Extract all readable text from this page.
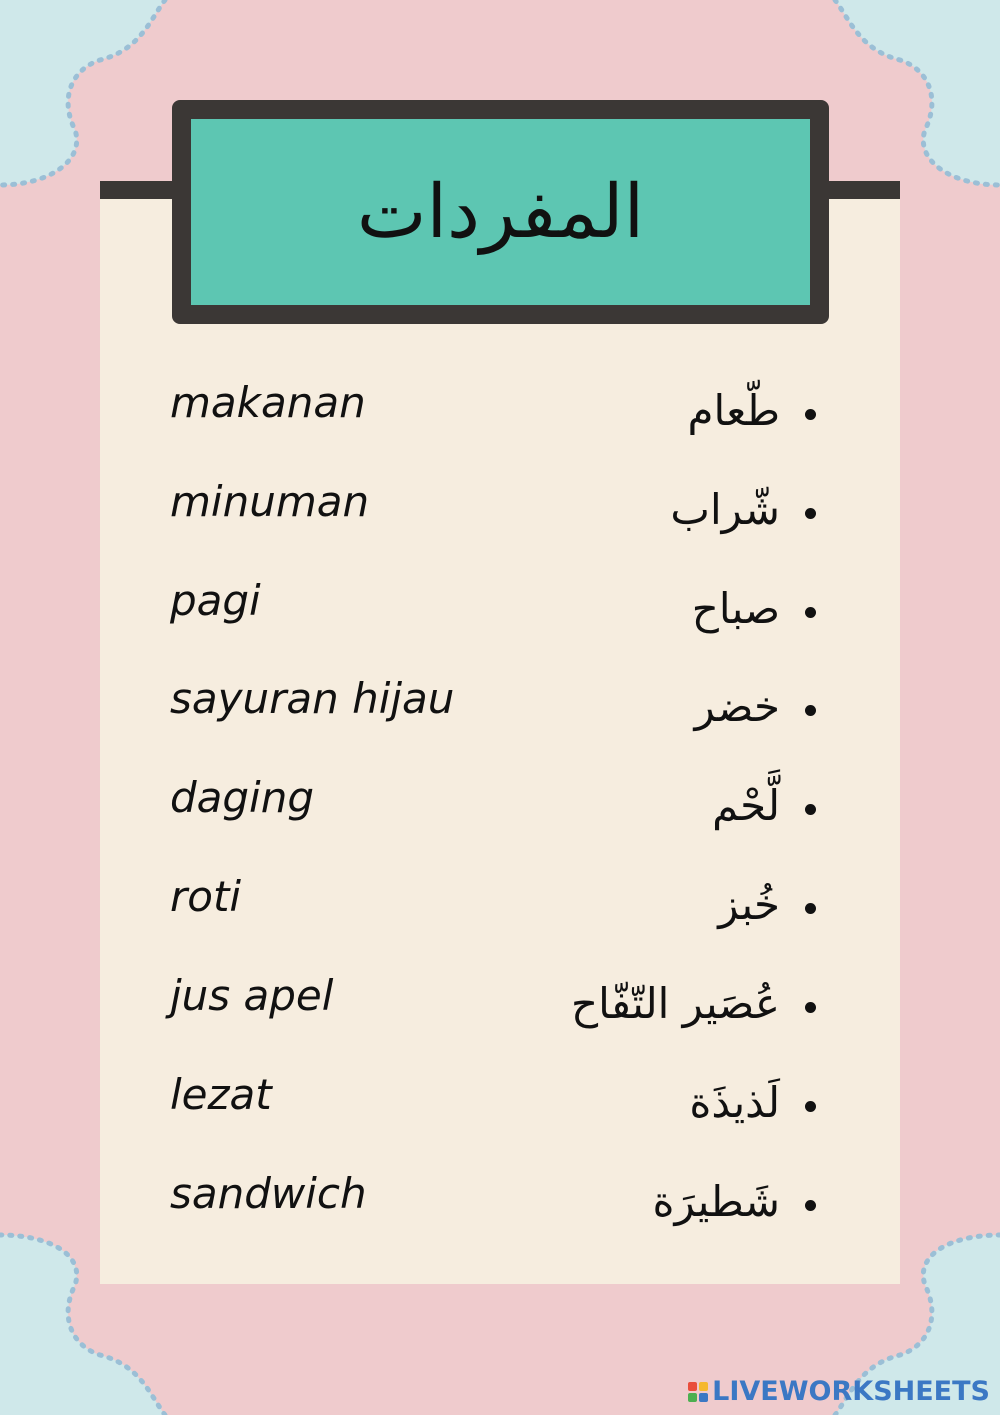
المفردات
makanan	طّعام
minuman	شّراب
pagi	صباح
sayuran hijau	خضر
daging	لَّحْم
roti	خُبز
jus apel	عُصَير التّفّاح
lezat	لَذيذَة
sandwich	شَطيرَة
LIVEWORKSHEETS
